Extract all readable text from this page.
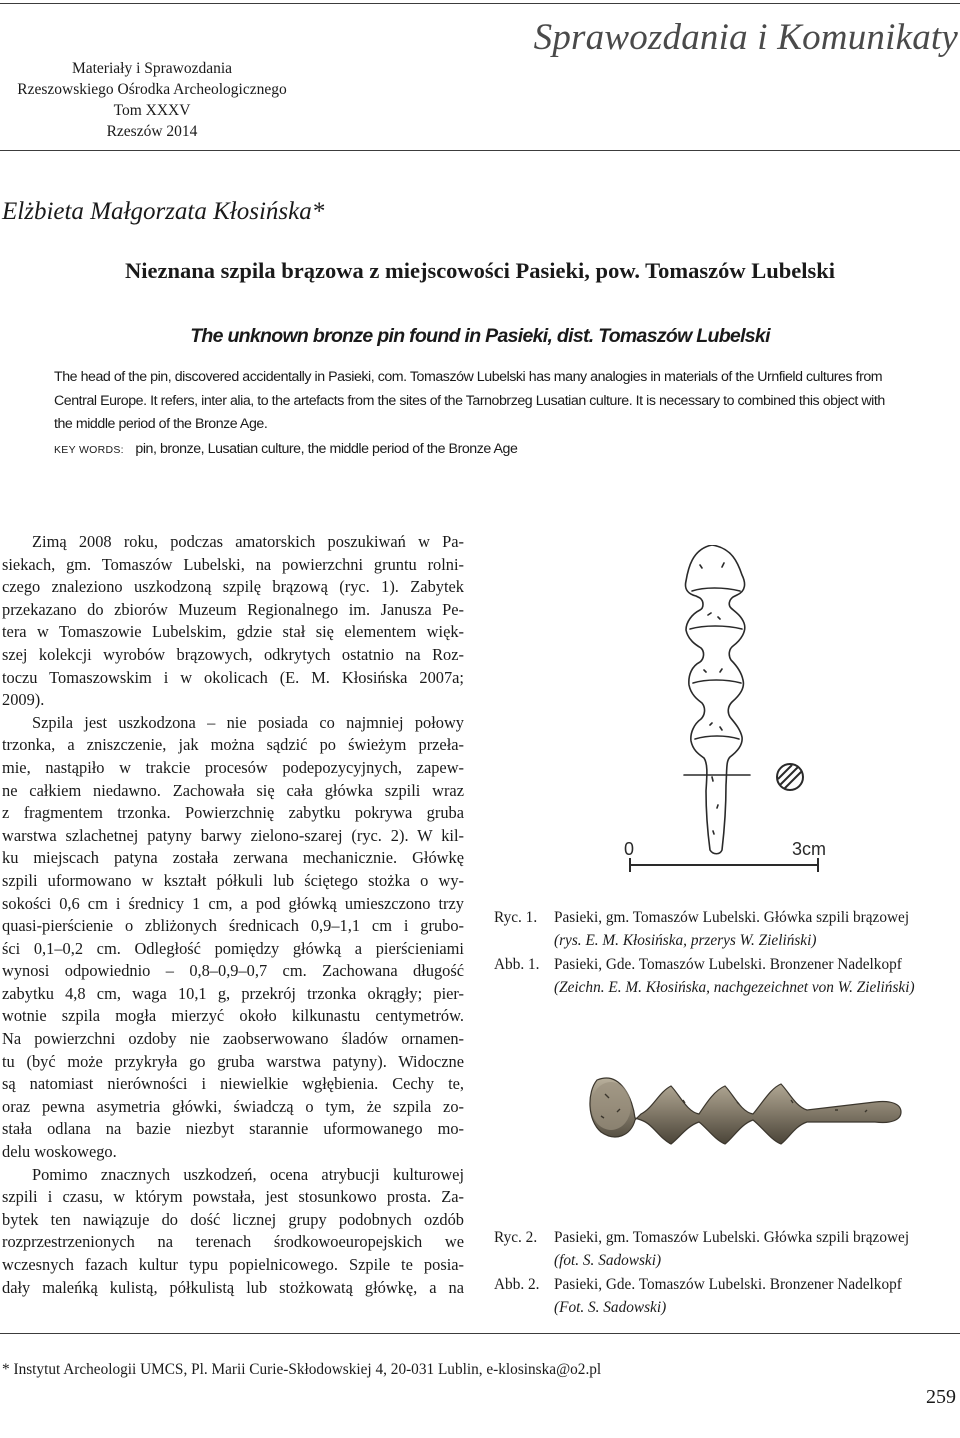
Materiały i Sprawozdania
Rzeszowskiego Ośrodka Archeologicznego
Tom XXXV
Rzeszów 2014
Sprawozdania i Komunikaty
Elżbieta Małgorzata Kłosińska*
Nieznana szpila brązowa z miejscowości Pasieki, pow. Tomaszów Lubelski
The unknown bronze pin found in Pasieki, dist. Tomaszów Lubelski
The head of the pin, discovered accidentally in Pasieki, com. Tomaszów Lubelski has many analogies in materials of the Urnfield cultures from
Central Europe. It refers, inter alia, to the artefacts from the sites of the Tarnobrzeg Lusatian culture. It is necessary to combined this object with
the middle period of the Bronze Age.
KEY WORDS: pin, bronze, Lusatian culture, the middle period of the Bronze Age
Zimą 2008 roku, podczas amatorskich poszukiwań w Pa-
siekach, gm. Tomaszów Lubelski, na powierzchni gruntu rolni-
czego znaleziono uszkodzoną szpilę brązową (ryc. 1). Zabytek
przekazano do zbiorów Muzeum Regionalnego im. Janusza Pe-
tera w Tomaszowie Lubelskim, gdzie stał się elementem więk-
szej kolekcji wyrobów brązowych, odkrytych ostatnio na Roz-
toczu Tomaszowskim i w okolicach (E. M. Kłosińska 2007a;
2009).
Szpila jest uszkodzona – nie posiada co najmniej połowy
trzonka, a zniszczenie, jak można sądzić po świeżym przeła-
mie, nastąpiło w trakcie procesów podepozycyjnych, zapew-
ne całkiem niedawno. Zachowała się cała główka szpili wraz
z fragmentem trzonka. Powierzchnię zabytku pokrywa gruba
warstwa szlachetnej patyny barwy zielono-szarej (ryc. 2). W kil-
ku miejscach patyna została zerwana mechanicznie. Główkę
szpili uformowano w kształt półkuli lub ściętego stożka o wy-
sokości 0,6 cm i średnicy 1 cm, a pod główką umieszczono trzy
quasi-pierścienie o zbliżonych średnicach 0,9–1,1 cm i grubo-
ści 0,1–0,2 cm. Odległość pomiędzy główką a pierścieniami
wynosi odpowiednio – 0,8–0,9–0,7 cm. Zachowana długość
zabytku 4,8 cm, waga 10,1 g, przekrój trzonka okrągły; pier-
wotnie szpila mogła mierzyć około kilkunastu centymetrów.
Na powierzchni ozdoby nie zaobserwowano śladów ornamen-
tu (być może przykryła go gruba warstwa patyny). Widoczne
są natomiast nierówności i niewielkie wgłębienia. Cechy te,
oraz pewna asymetria główki, świadczą o tym, że szpila zo-
stała odlana na bazie niezbyt starannie uformowanego mo-
delu woskowego.
Pomimo znacznych uszkodzeń, ocena atrybucji kulturowej
szpili i czasu, w którym powstała, jest stosunkowo prosta. Za-
bytek ten nawiązuje do dość licznej grupy podobnych ozdób
rozprzestrzenionych na terenach środkowoeuropejskich we
wczesnych fazach kultur typu popielnicowego. Szpile te posia-
dały maleńką kulistą, półkulistą lub stożkowatą główkę, a na
0	3cm
Ryc. 1.	Pasieki, gm. Tomaszów Lubelski. Główka szpili brązowej
(rys. E. M. Kłosińska, przerys W. Zieliński)
Abb. 1. Pasieki, Gde. Tomaszów Lubelski. Bronzener Nadelkopf
(Zeichn. E. M. Kłosińska, nachgezeichnet von W. Zieliński)
Ryc. 2.	Pasieki, gm. Tomaszów Lubelski. Główka szpili brązowej
(fot. S. Sadowski)
Abb. 2. Pasieki, Gde. Tomaszów Lubelski. Bronzener Nadelkopf
(Fot. S. Sadowski)
* Instytut Archeologii UMCS, Pl. Marii Curie-Skłodowskiej 4, 20-031 Lublin, e-klosinska@o2.pl
259
